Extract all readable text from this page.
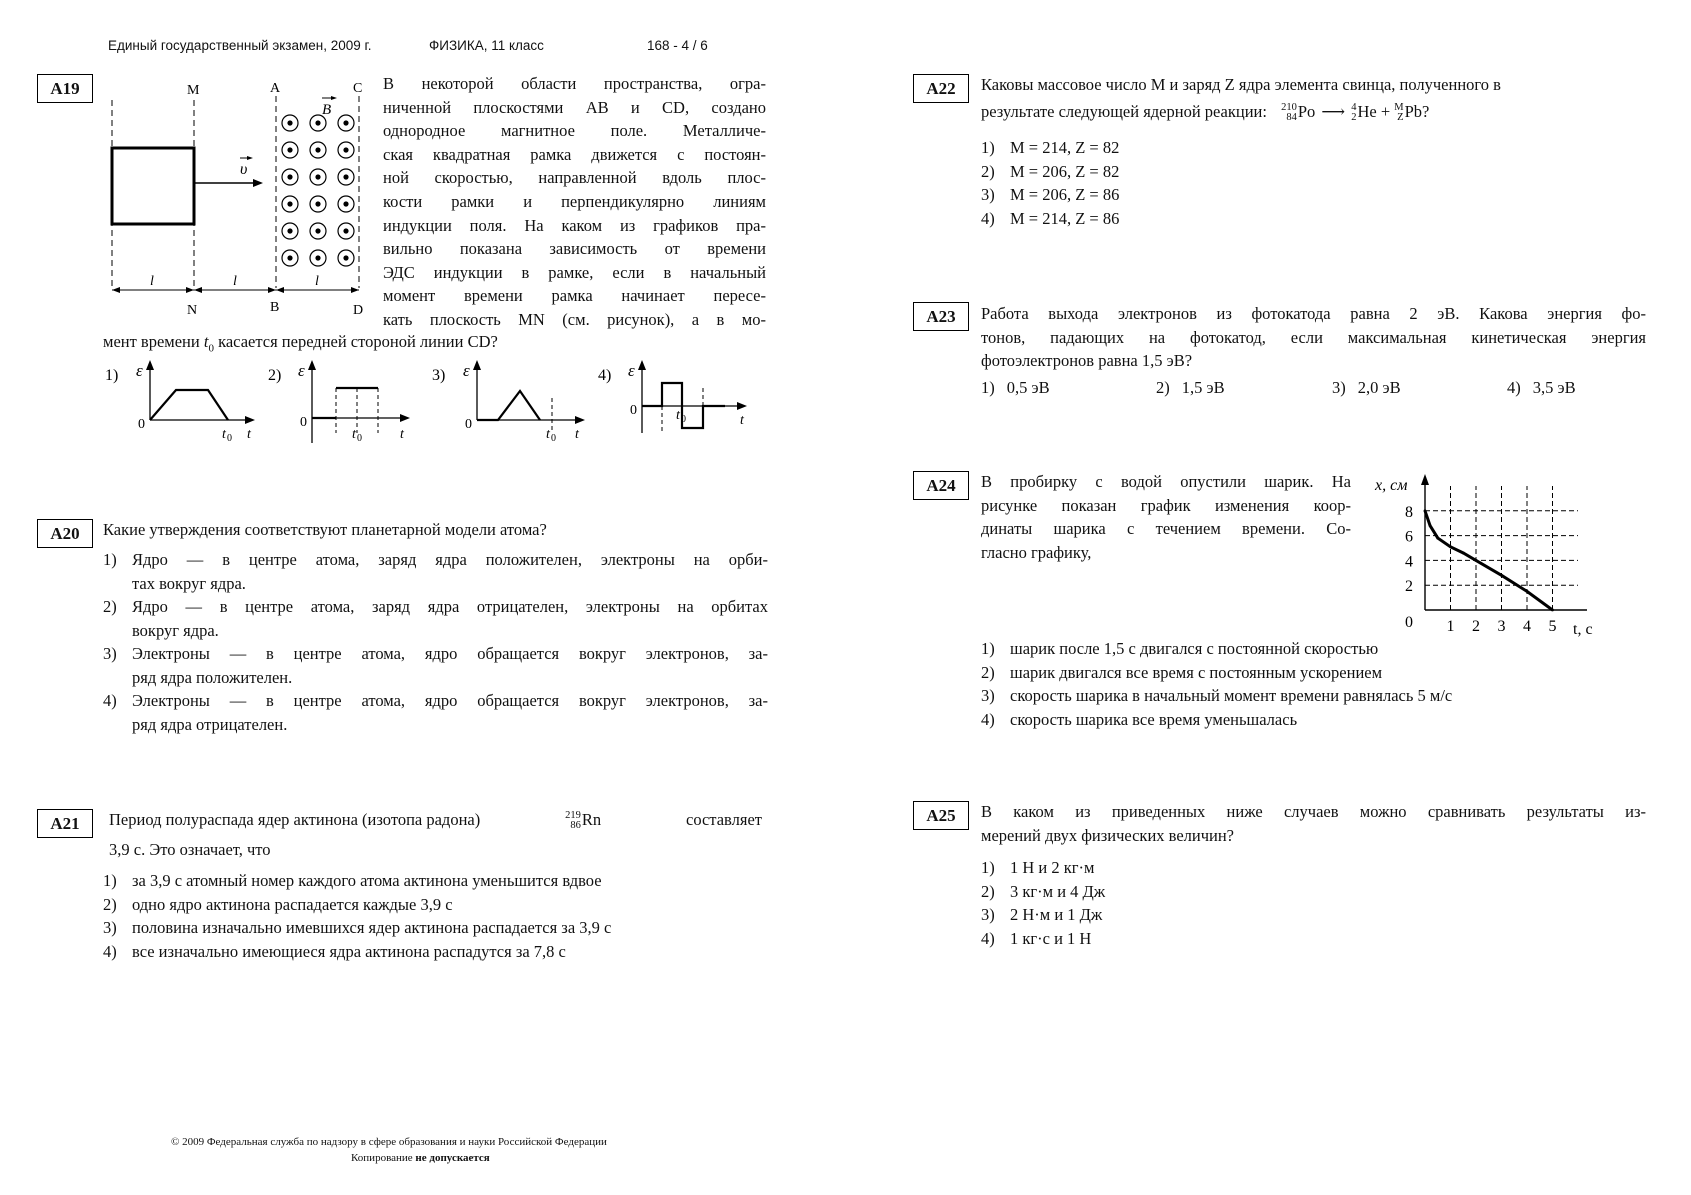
Единый государственный экзамен, 2009 г.	ФИЗИКА, 11 класс	168 - 4 / 6
A19
υ
M	A	C
N	B	D
B
l	l	l
В некоторой области пространства, огра-
ниченной плоскостями AB и CD, создано
однородное магнитное поле. Металличе-
ская квадратная рамка движется с постоян-
ной скоростью, направленной вдоль плос-
кости рамки и перпендикулярно линиям
индукции поля. На каком из графиков пра-
вильно показана зависимость от времени
ЭДС индукции в рамке, если в начальный
момент времени рамка начинает пересе-
кать плоскость MN (см. рисунок), а в мо-
мент времени $t_0$ касается передней стороной линии CD?
1) ε
0
t 0 t
2) ε
0
t 0	t
3) ε
0
t 0 t
4) ε
0	t 0	t
A20	Какие утверждения соответствуют планетарной модели атома?
1) Ядро — в центре атома, заряд ядра положителен, электроны на орби-
тах вокруг ядра.
2) Ядро — в центре атома, заряд ядра отрицателен, электроны на орбитах
вокруг ядра.
3) Электроны — в центре атома, ядро обращается вокруг электронов, за-
ряд ядра положителен.
4) Электроны — в центре атома, ядро обращается вокруг электронов, за-
ряд ядра отрицателен.
A21	Период полураспада ядер актинона (изотопа радона)	219
86 Rn	составляет
3,9 с. Это означает, что
1) за 3,9 с атомный номер каждого атома актинона уменьшится вдвое
2) одно ядро актинона распадается каждые 3,9 с
3) половина изначально имевшихся ядер актинона распадается за 3,9 с
4) все изначально имеющиеся ядра актинона распадутся за 7,8 с
A22	Каковы массовое число M и заряд Z ядра элемента свинца, полученного в
результате следующей ядерной реакции: 210
84 Po ⟶ 4
2 He + M
Z Pb?
1) M = 214, Z = 82
2) M = 206, Z = 82
3) M = 206, Z = 86
4) M = 214, Z = 86
A23	Работа выхода электронов из фотокатода равна 2 эВ. Какова энергия фо-
тонов, падающих на фотокатод, если максимальная кинетическая энергия
фотоэлектронов равна 1,5 эВ?
1) 0,5 эВ	2) 1,5 эВ	3) 2,0 эВ	4) 3,5 эВ
A24	В пробирку с водой опустили шарик. На
рисунке показан график изменения коор-
динаты шарика с течением времени. Со-
гласно графику,
x, см
t, c
2
4
6
8
0 1 2 3 4 5
1) шарик после 1,5 с двигался с постоянной скоростью
2) шарик двигался все время с постоянным ускорением
3) скорость шарика в начальный момент времени равнялась 5 м/с
4) скорость шарика все время уменьшалась
A25	В каком из приведенных ниже случаев можно сравнивать результаты из-
мерений двух физических величин?
1) 1 Н и 2 кг·м
2) 3 кг·м и 4 Дж
3) 2 Н·м и 1 Дж
4) 1 кг·с и 1 Н
© 2009 Федеральная служба по надзору в сфере образования и науки Российской Федерации
Копирование не допускается
